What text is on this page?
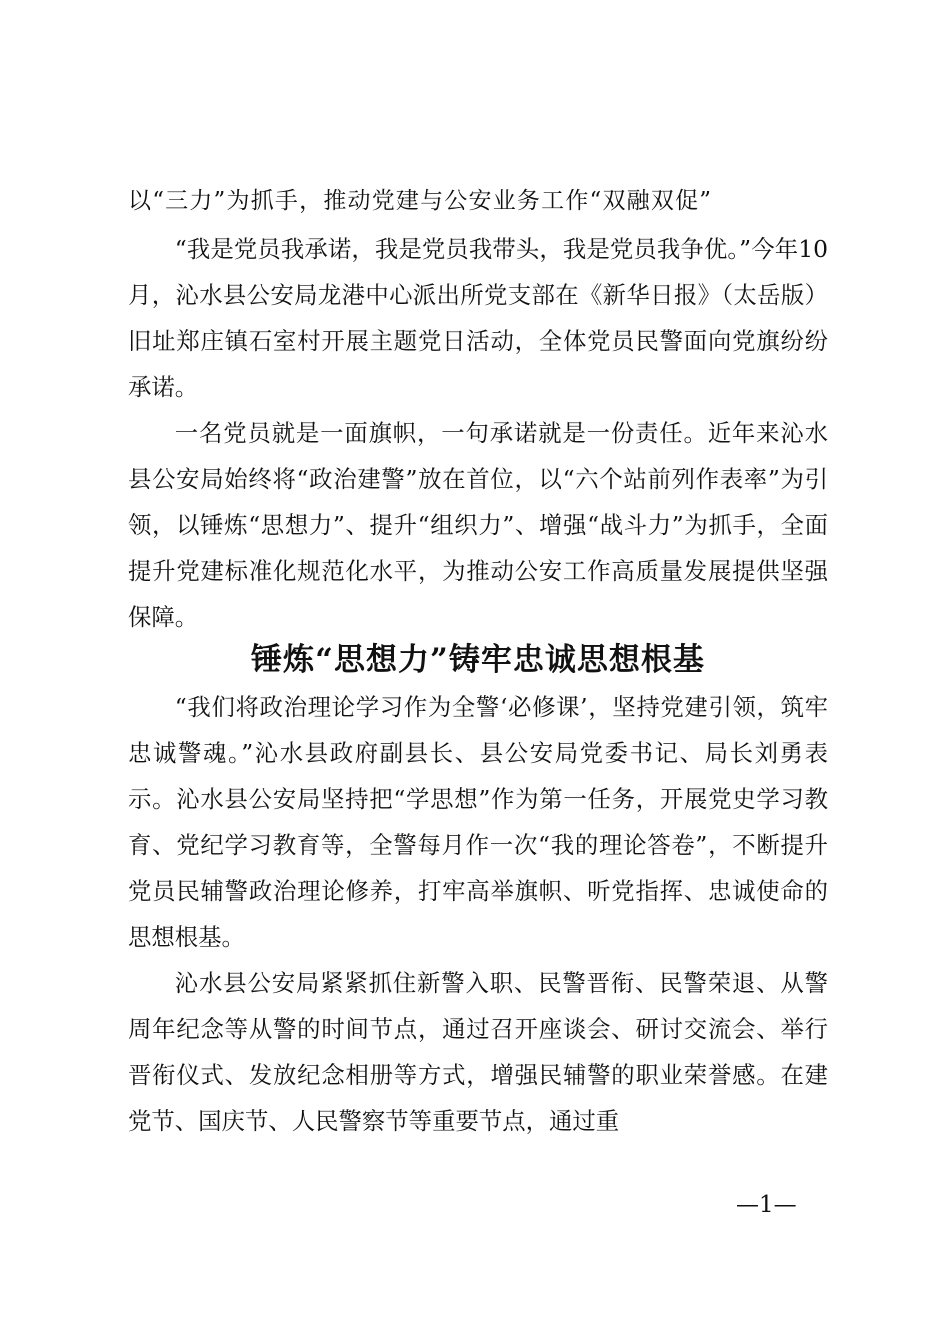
以“三力”为抓手，推动党建与公安业务工作“双融双促”

“我是党员我承诺，我是党员我带头，我是党员我争优。”今年10月，沁水县公安局龙港中心派出所党支部在《新华日报》（太岳版）旧址郑庄镇石室村开展主题党日活动，全体党员民警面向党旗纷纷承诺。

一名党员就是一面旗帜，一句承诺就是一份责任。近年来沁水县公安局始终将“政治建警”放在首位，以“六个站前列作表率”为引领，以锤炼“思想力”、提升“组织力”、增强“战斗力”为抓手，全面提升党建标准化规范化水平，为推动公安工作高质量发展提供坚强保障。

锤炼“思想力”铸牢忠诚思想根基

“我们将政治理论学习作为全警‘必修课’，坚持党建引领，筑牢忠诚警魂。”沁水县政府副县长、县公安局党委书记、局长刘勇表示。沁水县公安局坚持把“学思想”作为第一任务，开展党史学习教育、党纪学习教育等，全警每月作一次“我的理论答卷”，不断提升党员民辅警政治理论修养，打牢高举旗帜、听党指挥、忠诚使命的思想根基。

沁水县公安局紧紧抓住新警入职、民警晋衔、民警荣退、从警周年纪念等从警的时间节点，通过召开座谈会、研讨交流会、举行晋衔仪式、发放纪念相册等方式，增强民辅警的职业荣誉感。在建党节、国庆节、人民警察节等重要节点，通过重

—1—
